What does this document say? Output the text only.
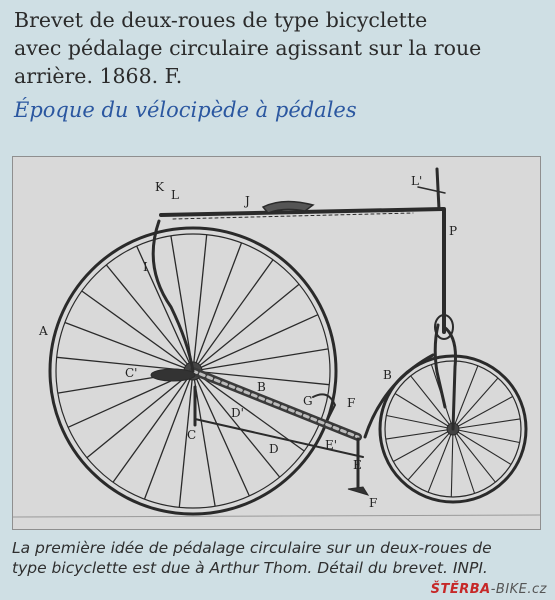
Brevet de deux-roues de type bicyclette
avec pédalage circulaire agissant sur la roue
arrière. 1868. F.
Époque du vélocipède à pédales
K
L	J
L'
P
A
I
C'
B
B
D'
D
C
G	F
E
E'
F
La première idée de pédalage circulaire sur un deux-roues de
type bicyclette est due à Arthur Thom. Détail du brevet. INPI.
ŠTĚRBA-BIKE.cz
